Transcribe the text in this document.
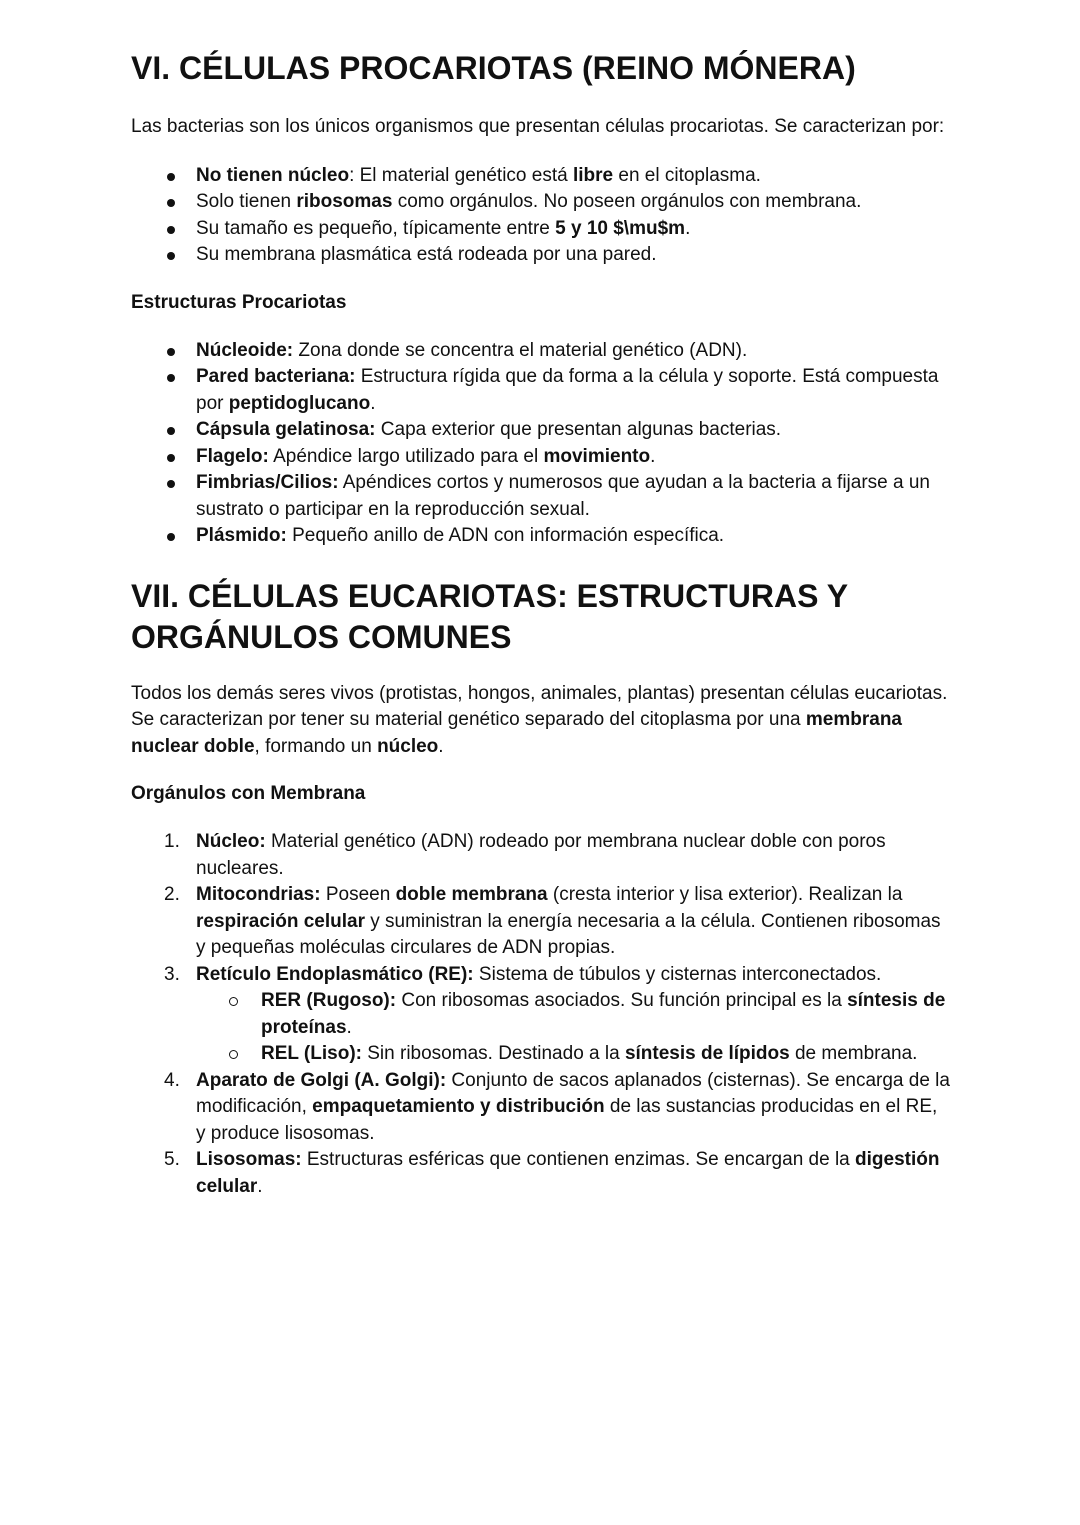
VI. CÉLULAS PROCARIOTAS (REINO MÓNERA)

Las bacterias son los únicos organismos que presentan células procariotas. Se caracterizan por:

No tienen núcleo: El material genético está libre en el citoplasma.
Solo tienen ribosomas como orgánulos. No poseen orgánulos con membrana.
Su tamaño es pequeño, típicamente entre 5 y 10 $\mu$m.
Su membrana plasmática está rodeada por una pared.
Estructuras Procariotas
Núcleoide: Zona donde se concentra el material genético (ADN).
Pared bacteriana: Estructura rígida que da forma a la célula y soporte. Está compuesta por peptidoglucano.
Cápsula gelatinosa: Capa exterior que presentan algunas bacterias.
Flagelo: Apéndice largo utilizado para el movimiento.
Fimbrias/Cilios: Apéndices cortos y numerosos que ayudan a la bacteria a fijarse a un sustrato o participar en la reproducción sexual.
Plásmido: Pequeño anillo de ADN con información específica.
VII. CÉLULAS EUCARIOTAS: ESTRUCTURAS Y ORGÁNULOS COMUNES

Todos los demás seres vivos (protistas, hongos, animales, plantas) presentan células eucariotas. Se caracterizan por tener su material genético separado del citoplasma por una membrana nuclear doble, formando un núcleo.

Orgánulos con Membrana
1. Núcleo: Material genético (ADN) rodeado por membrana nuclear doble con poros nucleares.
2. Mitocondrias: Poseen doble membrana (cresta interior y lisa exterior). Realizan la respiración celular y suministran la energía necesaria a la célula. Contienen ribosomas y pequeñas moléculas circulares de ADN propias.
3. Retículo Endoplasmático (RE): Sistema de túbulos y cisternas interconectados.
RER (Rugoso): Con ribosomas asociados. Su función principal es la síntesis de proteínas.
REL (Liso): Sin ribosomas. Destinado a la síntesis de lípidos de membrana.
4. Aparato de Golgi (A. Golgi): Conjunto de sacos aplanados (cisternas). Se encarga de la modificación, empaquetamiento y distribución de las sustancias producidas en el RE, y produce lisosomas.
5. Lisosomas: Estructuras esféricas que contienen enzimas. Se encargan de la digestión celular.
